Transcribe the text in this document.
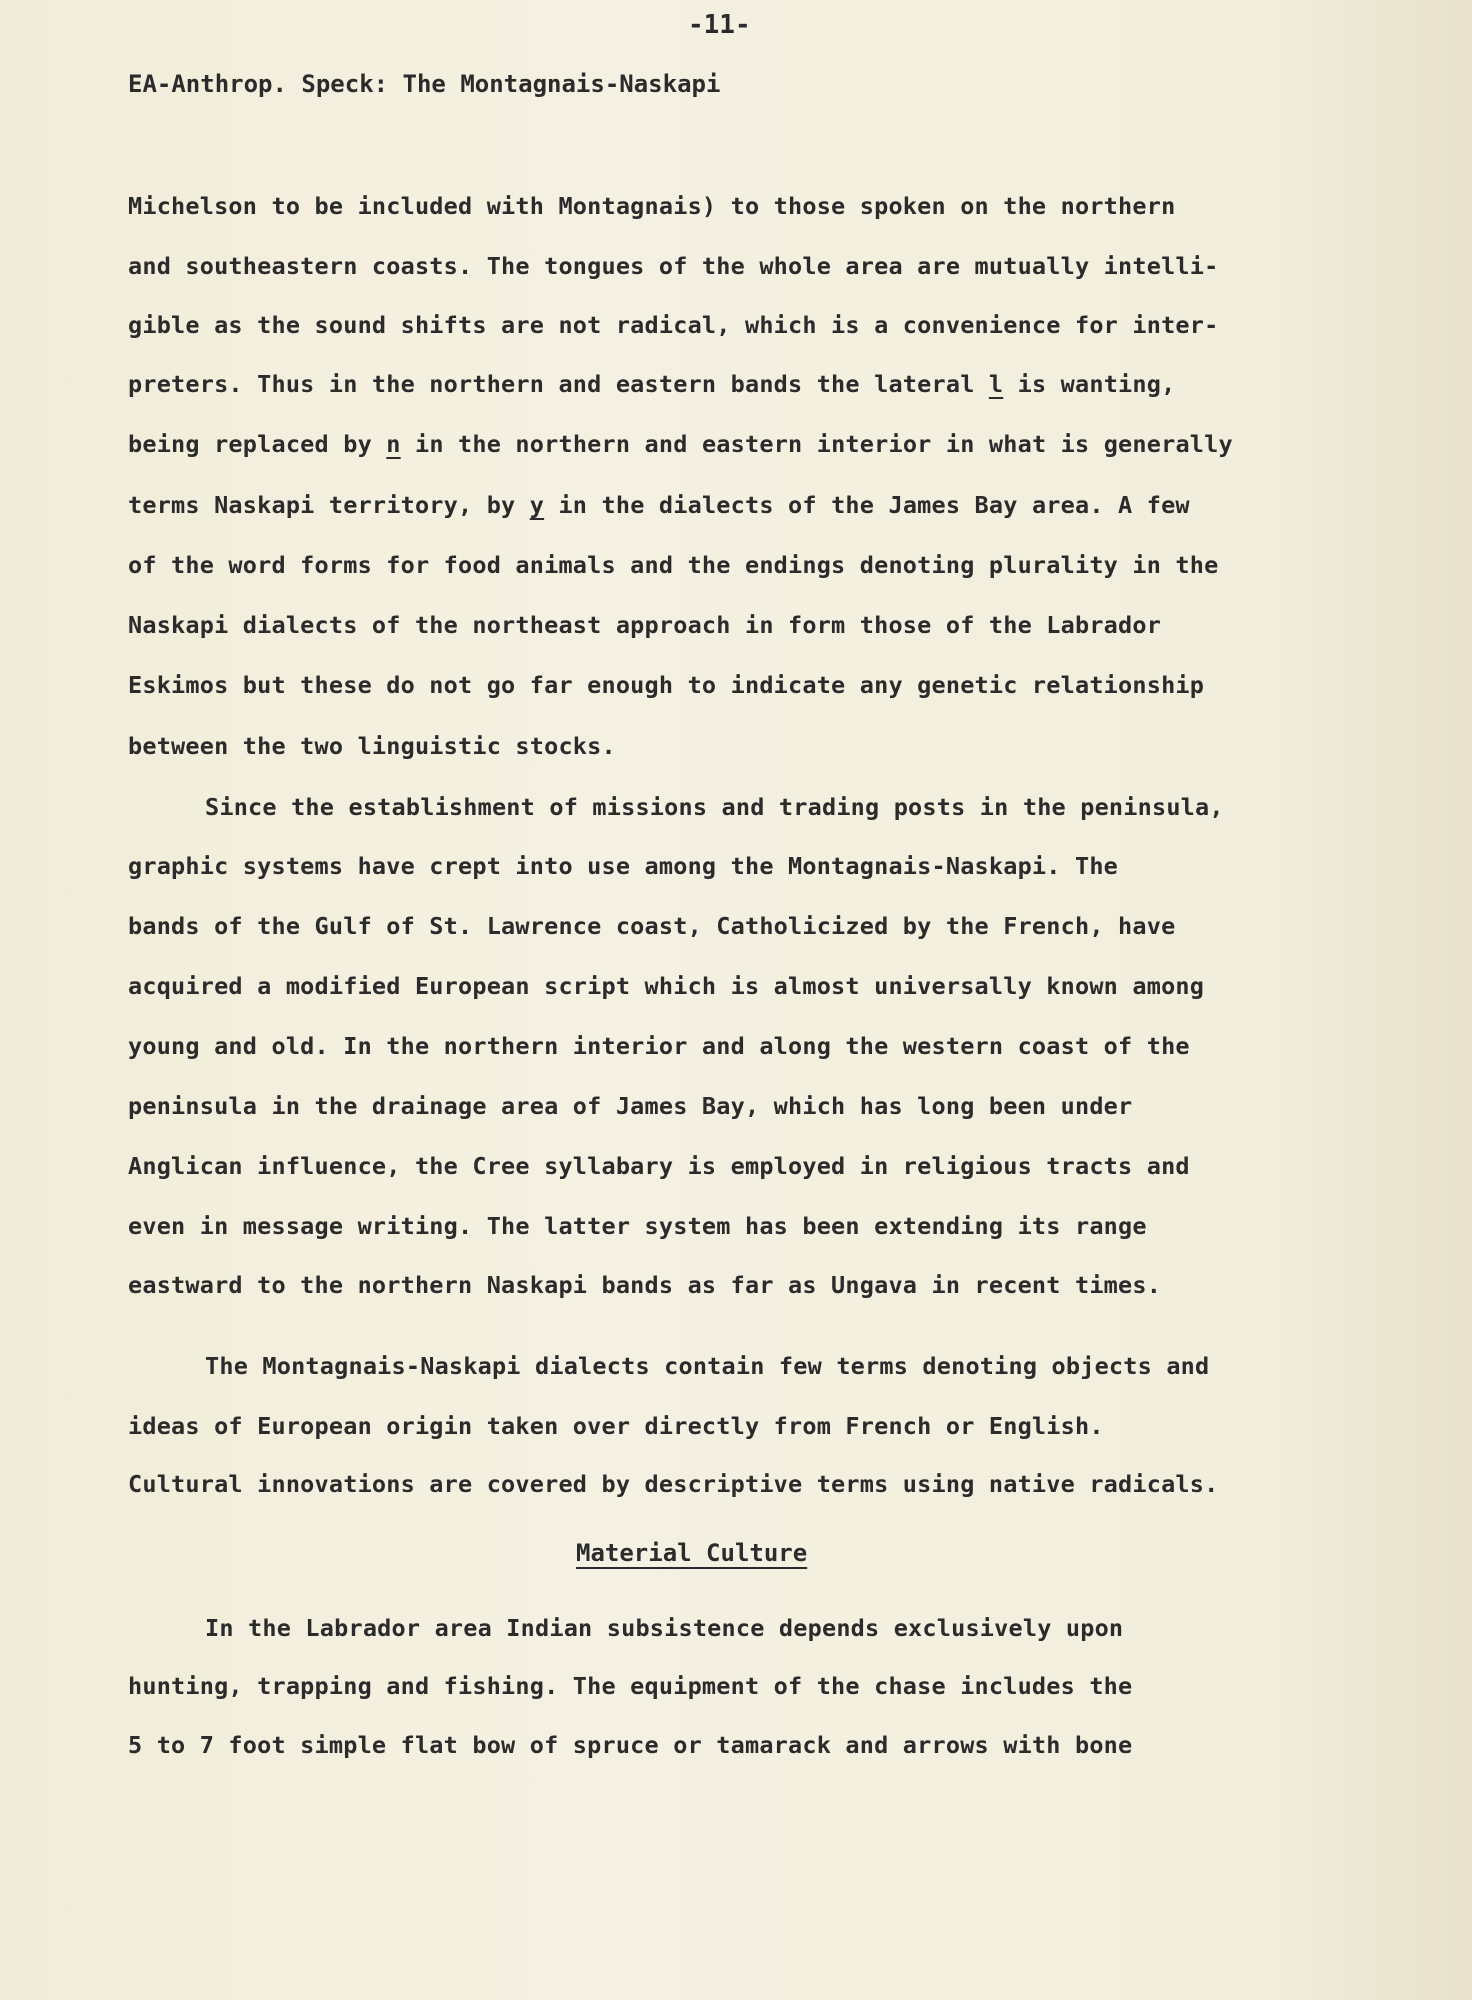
-11-
EA-Anthrop. Speck: The Montagnais-Naskapi
Michelson to be included with Montagnais) to those spoken on the northern
and southeastern coasts. The tongues of the whole area are mutually intelli-
gible as the sound shifts are not radical, which is a convenience for inter-
preters. Thus in the northern and eastern bands the lateral l is wanting,
being replaced by n in the northern and eastern interior in what is generally
terms Naskapi territory, by y in the dialects of the James Bay area. A few
of the word forms for food animals and the endings denoting plurality in the
Naskapi dialects of the northeast approach in form those of the Labrador
Eskimos but these do not go far enough to indicate any genetic relationship
between the two linguistic stocks.
Since the establishment of missions and trading posts in the peninsula,
graphic systems have crept into use among the Montagnais-Naskapi. The
bands of the Gulf of St. Lawrence coast, Catholicized by the French, have
acquired a modified European script which is almost universally known among
young and old. In the northern interior and along the western coast of the
peninsula in the drainage area of James Bay, which has long been under
Anglican influence, the Cree syllabary is employed in religious tracts and
even in message writing. The latter system has been extending its range
eastward to the northern Naskapi bands as far as Ungava in recent times.
The Montagnais-Naskapi dialects contain few terms denoting objects and
ideas of European origin taken over directly from French or English.
Cultural innovations are covered by descriptive terms using native radicals.
Material Culture
In the Labrador area Indian subsistence depends exclusively upon
hunting, trapping and fishing. The equipment of the chase includes the
5 to 7 foot simple flat bow of spruce or tamarack and arrows with bone
